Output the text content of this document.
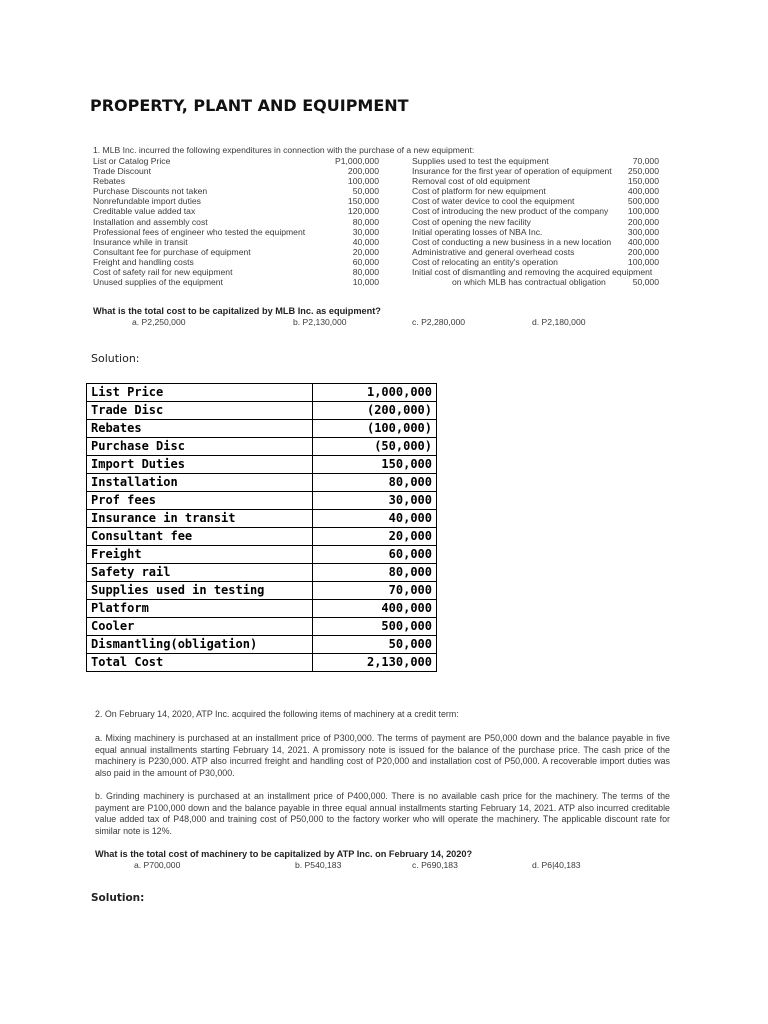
PROPERTY, PLANT AND EQUIPMENT
1. MLB Inc. incurred the following expenditures in connection with the purchase of a new equipment:
List or Catalog Price	P1,000,000
Trade Discount	200,000
Rebates	100,000
Purchase Discounts not taken	50,000
Nonrefundable import duties	150,000
Creditable value added tax	120,000
Installation and assembly cost	80,000
Professional fees of engineer who tested the equipment	30,000
Insurance while in transit	40,000
Consultant fee for purchase of equipment	20,000
Freight and handling costs	60,000
Cost of safety rail for new equipment	80,000
Unused supplies of the equipment	10,000
Supplies used to test the equipment	70,000
Insurance for the first year of operation of equipment 250,000
Removal cost of old equipment	150,000
Cost of platform for new equipment	400,000
Cost of water device to cool the equipment	500,000
Cost of introducing the new product of the company 100,000
Cost of opening the new facility	200,000
Initial operating losses of NBA Inc.	300,000
Cost of conducting a new business in a new location 400,000
Administrative and general overhead costs	200,000
Cost of relocating an entity's operation	100,000
Initial cost of dismantling and removing the acquired equipment
on which MLB has contractual obligation	50,000
What is the total cost to be capitalized by MLB Inc. as equipment?
a. P2,250,000	b. P2,130,000	c. P2,280,000	d. P2,180,000
Solution:
List Price	1,000,000
Trade Disc	(200,000)
Rebates	(100,000)
Purchase Disc	(50,000)
Import Duties	150,000
Installation	80,000
Prof fees	30,000
Insurance in transit	40,000
Consultant fee	20,000
Freight	60,000
Safety rail	80,000
Supplies used in testing	70,000
Platform	400,000
Cooler	500,000
Dismantling(obligation)	50,000
Total Cost	2,130,000
2. On February 14, 2020, ATP Inc. acquired the following items of machinery at a credit term:
a. Mixing machinery is purchased at an installment price of P300,000. The terms of payment are P50,000 down and the balance payable in five equal annual installments starting February 14, 2021. A promissory note is issued for the balance of the purchase price. The cash price of the machinery is P230,000. ATP also incurred freight and handling cost of P20,000 and installation cost of P50,000. A recoverable import duties was also paid in the amount of P30,000.
b. Grinding machinery is purchased at an installment price of P400,000. There is no available cash price for the machinery. The terms of the payment are P100,000 down and the balance payable in three equal annual installments starting February 14, 2021. ATP also incurred creditable value added tax of P48,000 and training cost of P50,000 to the factory worker who will operate the machinery. The applicable discount rate for similar note is 12%.
What is the total cost of machinery to be capitalized by ATP Inc. on February 14, 2020?
a. P700,000	b. P540,183	c. P690,183	d. P6|40,183
Solution:
